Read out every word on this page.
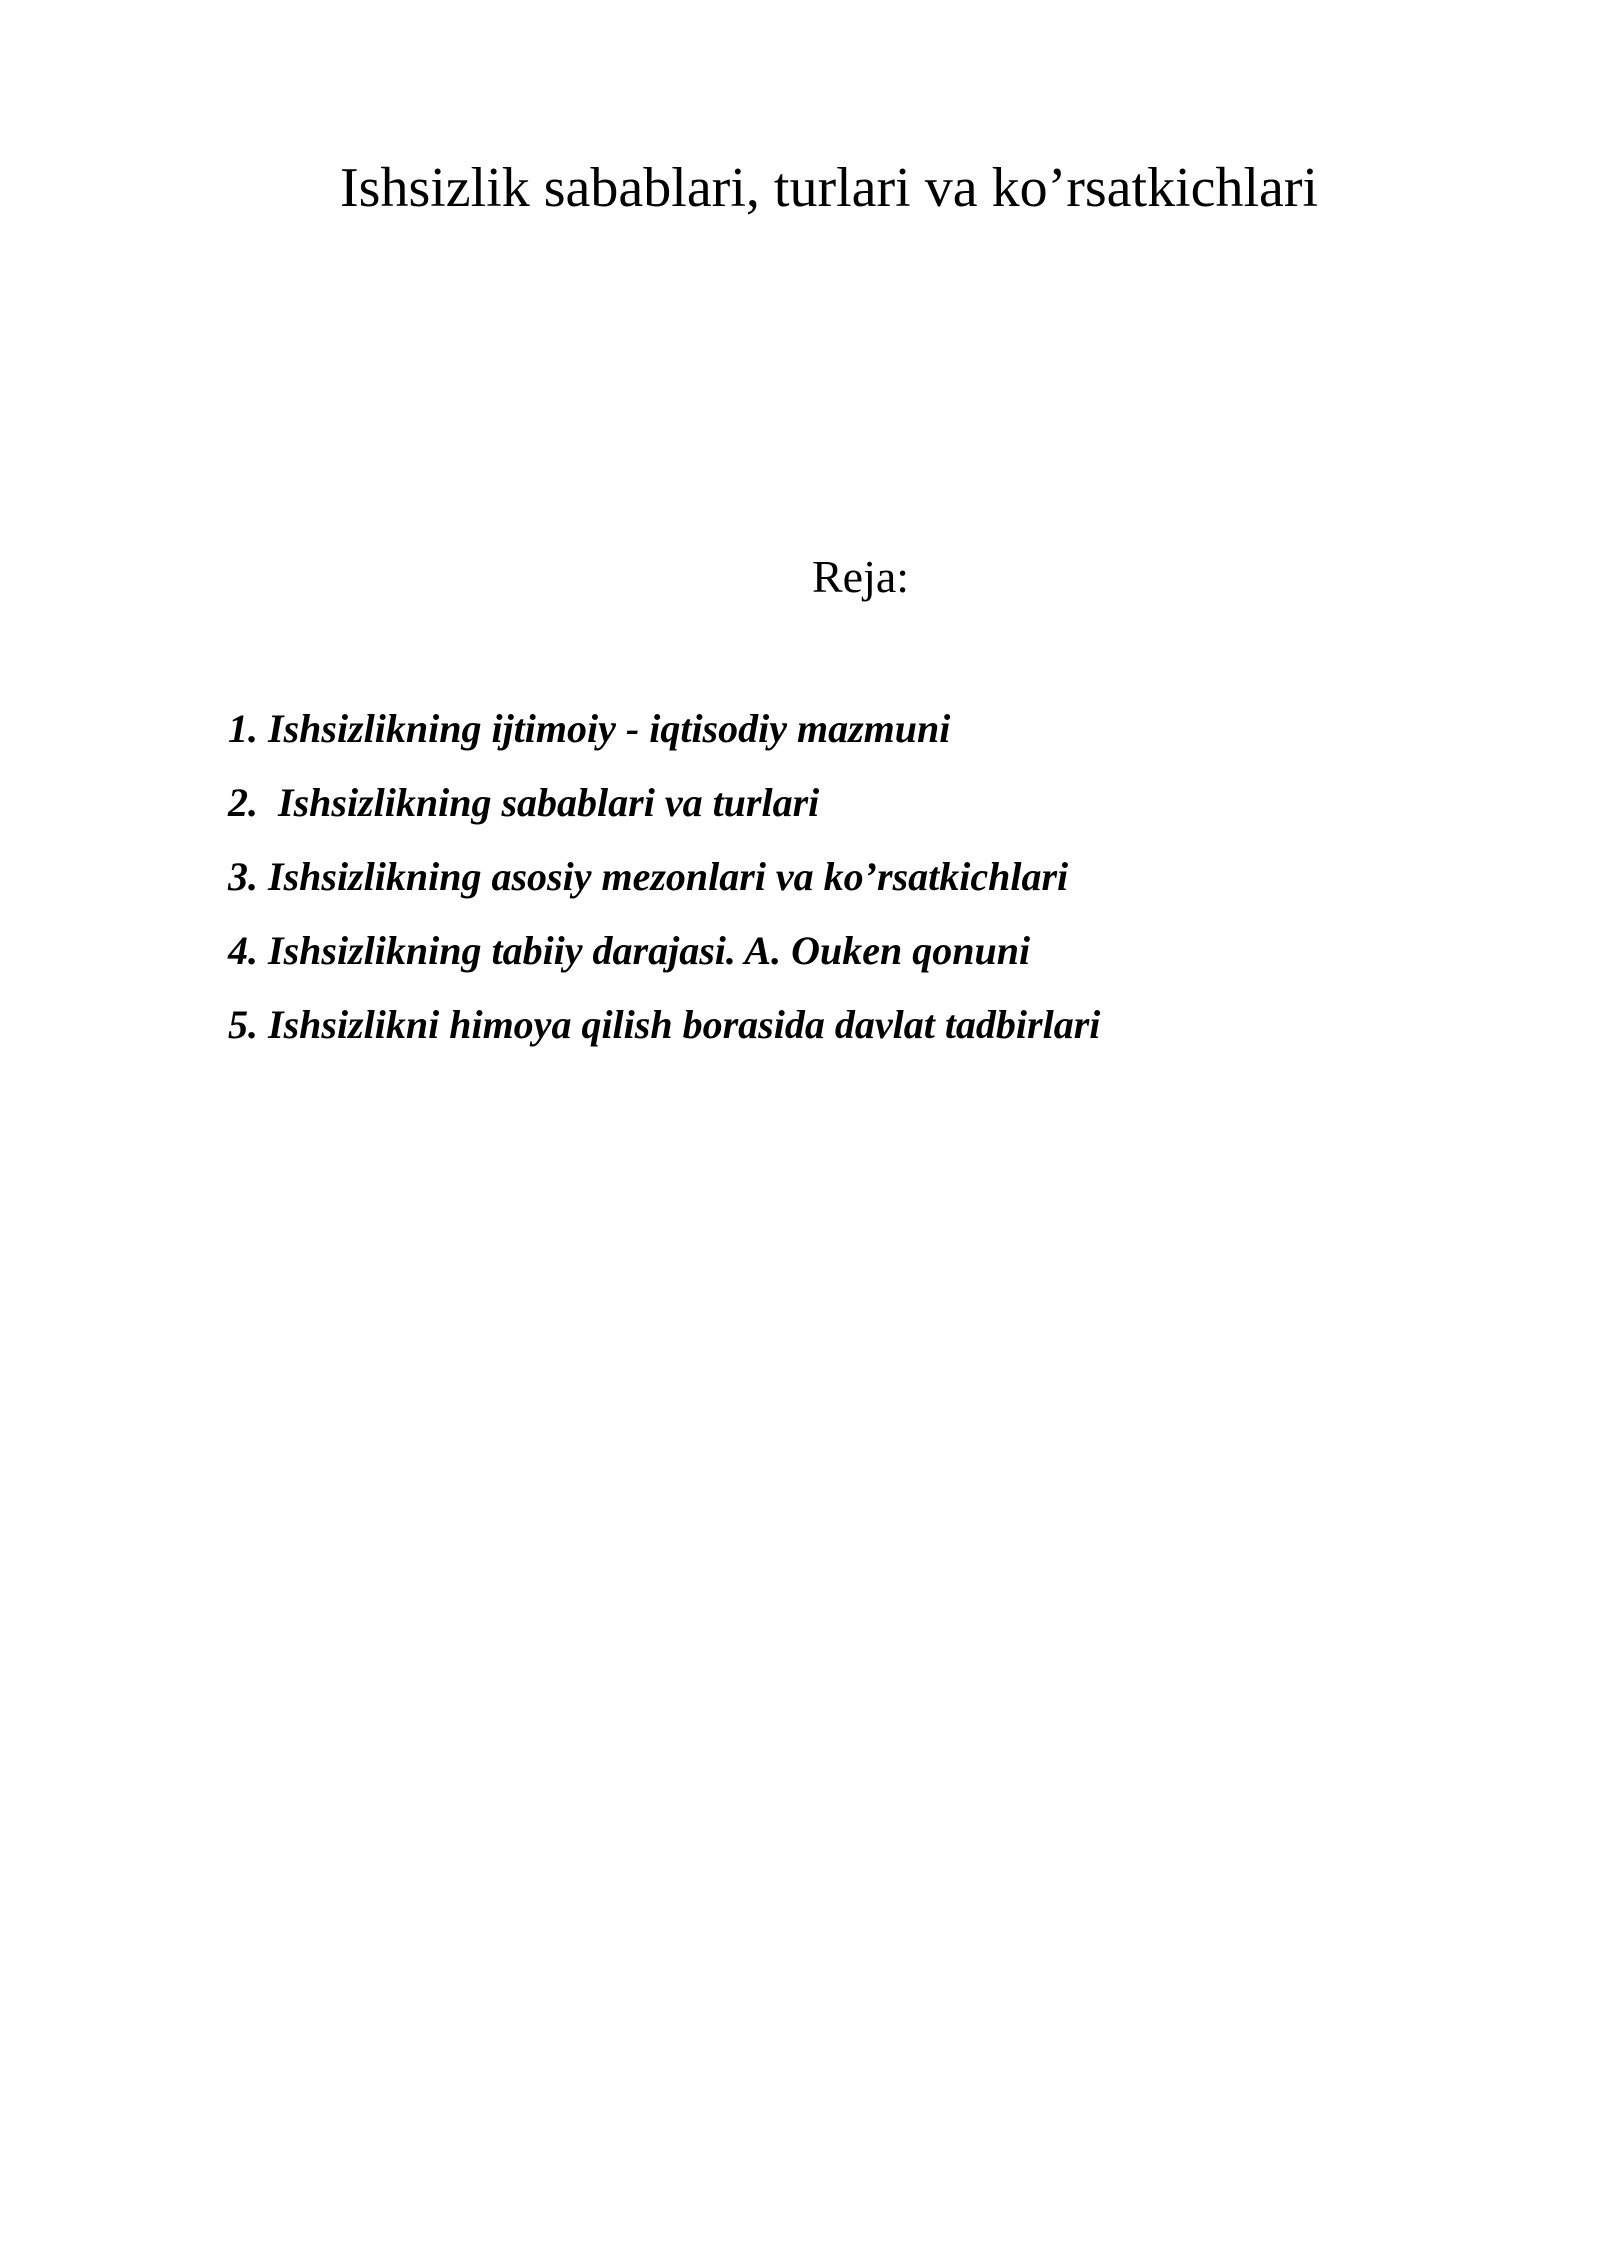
Ishsizlik sabablari, turlari va ko’rsatkichlari

Reja:

1. Ishsizlikning ijtimoiy - iqtisodiy mazmuni
2.  Ishsizlikning sabablari va turlari
3. Ishsizlikning asosiy mezonlari va ko’rsatkichlari
4. Ishsizlikning tabiiy darajasi. A. Ouken qonuni
5. Ishsizlikni himoya qilish borasida davlat tadbirlari
